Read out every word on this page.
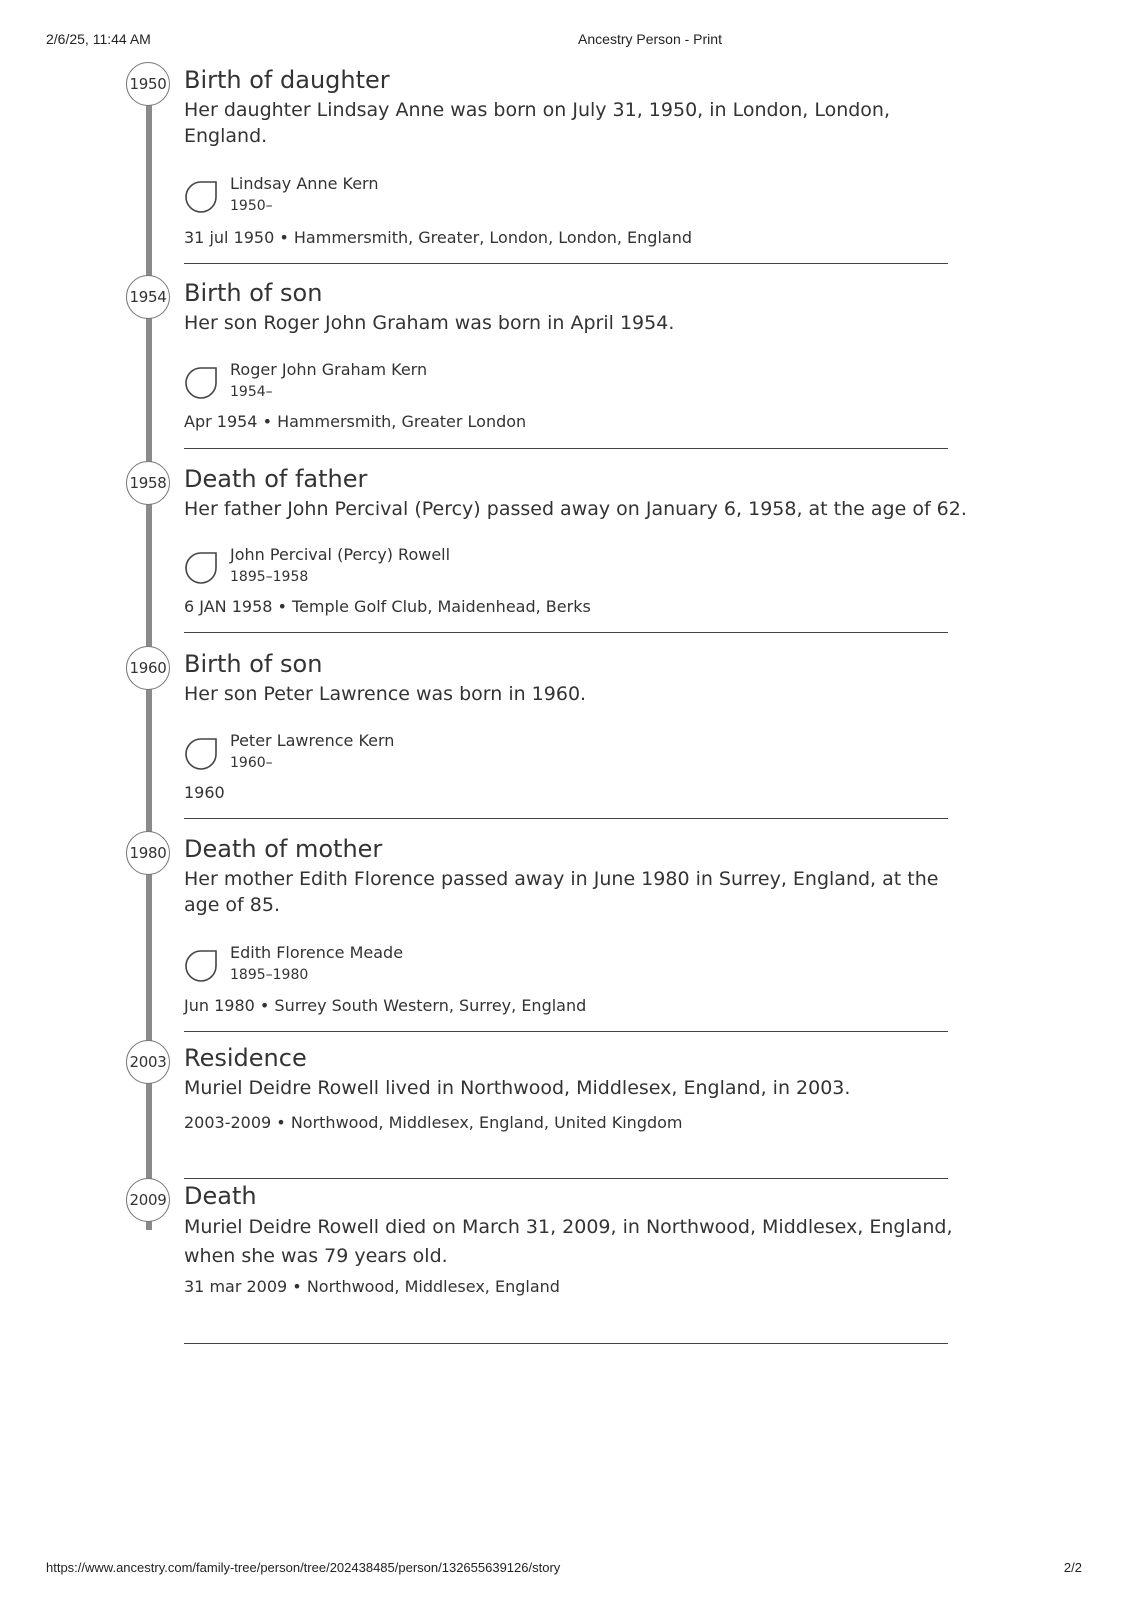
2/6/25, 11:44 AM	Ancestry Person - Print
1950 Birth of daughter
Her daughter Lindsay Anne was born on July 31, 1950, in London, London, England.
Lindsay Anne Kern
1950–
31 jul 1950 • Hammersmith, Greater, London, London, England
1954 Birth of son
Her son Roger John Graham was born in April 1954.
Roger John Graham Kern
1954–
Apr 1954 • Hammersmith, Greater London
1958 Death of father
Her father John Percival (Percy) passed away on January 6, 1958, at the age of 62.
John Percival (Percy) Rowell
1895–1958
6 JAN 1958 • Temple Golf Club, Maidenhead, Berks
1960 Birth of son
Her son Peter Lawrence was born in 1960.
Peter Lawrence Kern
1960–
1960
1980 Death of mother
Her mother Edith Florence passed away in June 1980 in Surrey, England, at the age of 85.
Edith Florence Meade
1895–1980
Jun 1980 • Surrey South Western, Surrey, England
2003 Residence
Muriel Deidre Rowell lived in Northwood, Middlesex, England, in 2003.
2003-2009 • Northwood, Middlesex, England, United Kingdom
2009 Death
Muriel Deidre Rowell died on March 31, 2009, in Northwood, Middlesex, England, when she was 79 years old.
31 mar 2009 • Northwood, Middlesex, England
https://www.ancestry.com/family-tree/person/tree/202438485/person/132655639126/story	2/2
